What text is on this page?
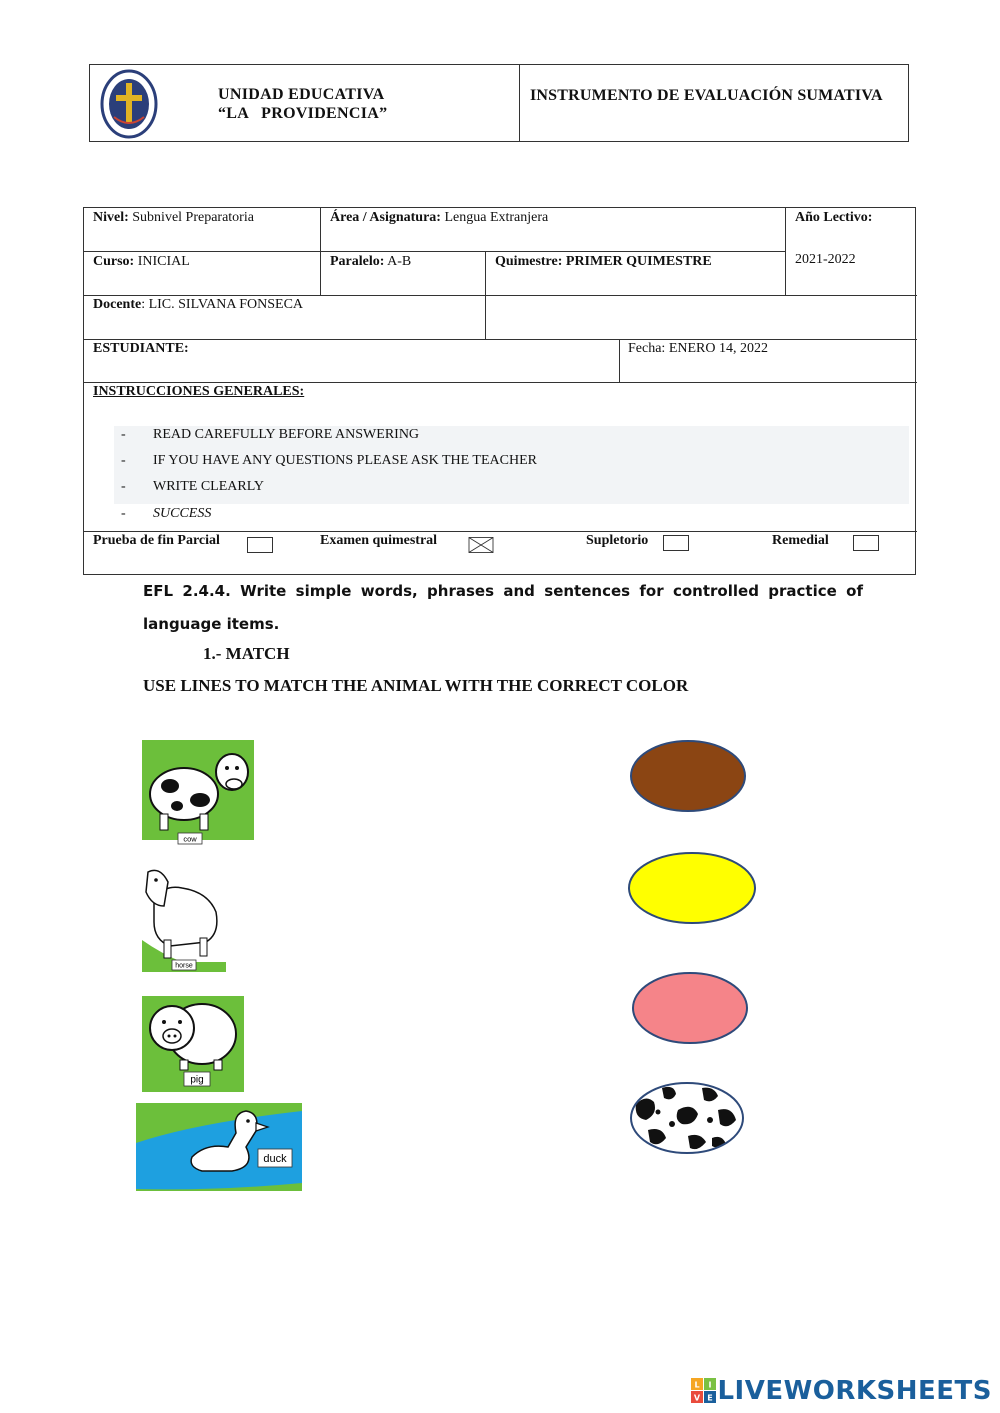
UNIDAD EDUCATIVA
“LA   PROVIDENCIA”
INSTRUMENTO DE EVALUACIÓN SUMATIVA
Nivel: Subnivel Preparatoria	Área / Asignatura: Lengua Extranjera	Año Lectivo:
2021-2022
Curso: INICIAL	Paralelo: A-B	Quimestre: PRIMER QUIMESTRE
Docente: LIC. SILVANA FONSECA
ESTUDIANTE:	Fecha: ENERO 14, 2022
INSTRUCCIONES GENERALES:
- READ CAREFULLY BEFORE ANSWERING
- IF YOU HAVE ANY QUESTIONS PLEASE ASK THE TEACHER
- WRITE CLEARLY
- SUCCESS
Prueba de fin Parcial	Examen quimestral	Supletorio	Remedial
EFL 2.4.4. Write simple words, phrases and sentences for controlled practice of language items.
1.- MATCH
USE LINES TO MATCH THE ANIMAL WITH THE CORRECT COLOR
cow
horse
pig
duck
L I
V E LIVEWORKSHEETS
